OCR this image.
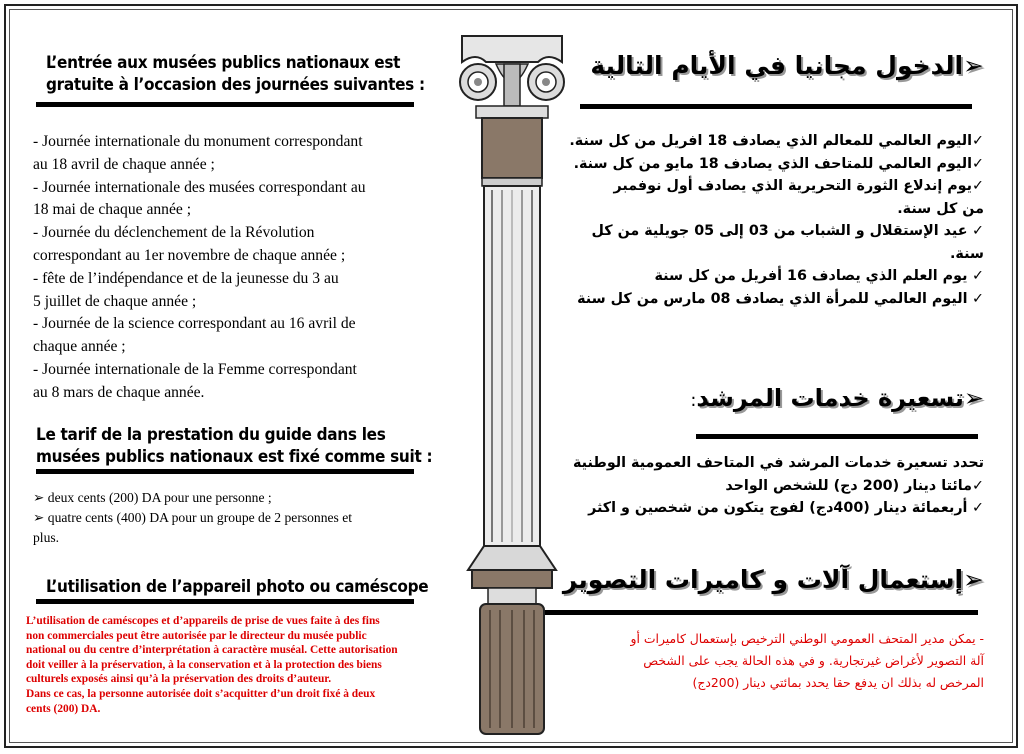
L’entrée aux musées publics nationaux est
gratuite à l’occasion des journées suivantes :
- Journée internationale du monument correspondant
au 18 avril de chaque année ;
- Journée internationale des musées correspondant au
18 mai de chaque année ;
- Journée du déclenchement de la Révolution
correspondant au 1er novembre de chaque année ;
- fête de l’indépendance et de la jeunesse du 3 au
5 juillet de chaque année ;
- Journée de la science correspondant au 16 avril de
chaque année ;
- Journée internationale de la Femme correspondant
au 8 mars de chaque année.
Le tarif de la prestation du guide dans les
musées publics nationaux est fixé comme suit :
➢ deux cents (200) DA pour une personne ;
➢ quatre cents (400) DA pour un groupe de 2 personnes et
plus.
L’utilisation de l’appareil photo ou caméscope
L’utilisation de caméscopes et d’appareils de prise de vues faite à des fins
non commerciales peut être autorisée par le directeur du musée public
national ou du centre d’interprétation à caractère muséal. Cette autorisation
doit veiller à la préservation, à la conservation et à la protection des biens
culturels exposés ainsi qu’à la préservation des droits d’auteur.
Dans ce cas, la personne autorisée doit s’acquitter d’un droit fixé à deux
cents (200) DA.
➢الدخول مجانيا في الأيام التالية
✓اليوم العالمي للمعالم الذي يصادف 18 افريل من كل سنة.
✓اليوم العالمي للمتاحف الذي يصادف 18 مايو من كل سنة.
✓يوم إندلاع الثورة التحريرية الذي يصادف أول نوفمبر
من كل سنة.
✓ عيد الإستقلال و الشباب من 03 إلى 05 جويلية من كل
سنة.
✓ يوم العلم الذي يصادف 16 أفريل من كل سنة
✓ اليوم العالمي للمرأة الذي يصادف 08 مارس من كل سنة
➢تسعيرة خدمات المرشد:
تحدد تسعيرة خدمات المرشد في المتاحف العمومية الوطنية
✓مائتا دينار (200 دج) للشخص الواحد
✓ أربعمائة دينار (400دج) لفوج يتكون من شخصين و اكثر
➢إستعمال آلات و كاميرات التصوير
- يمكن مدير المتحف العمومي الوطني الترخيص بإستعمال كاميرات أو
آلة التصوير لأغراض غيرتجارية. و في هذه الحالة يجب على الشخص
المرخص له بذلك ان يدفع حقا يحدد بمائتي دينار (200دج)
